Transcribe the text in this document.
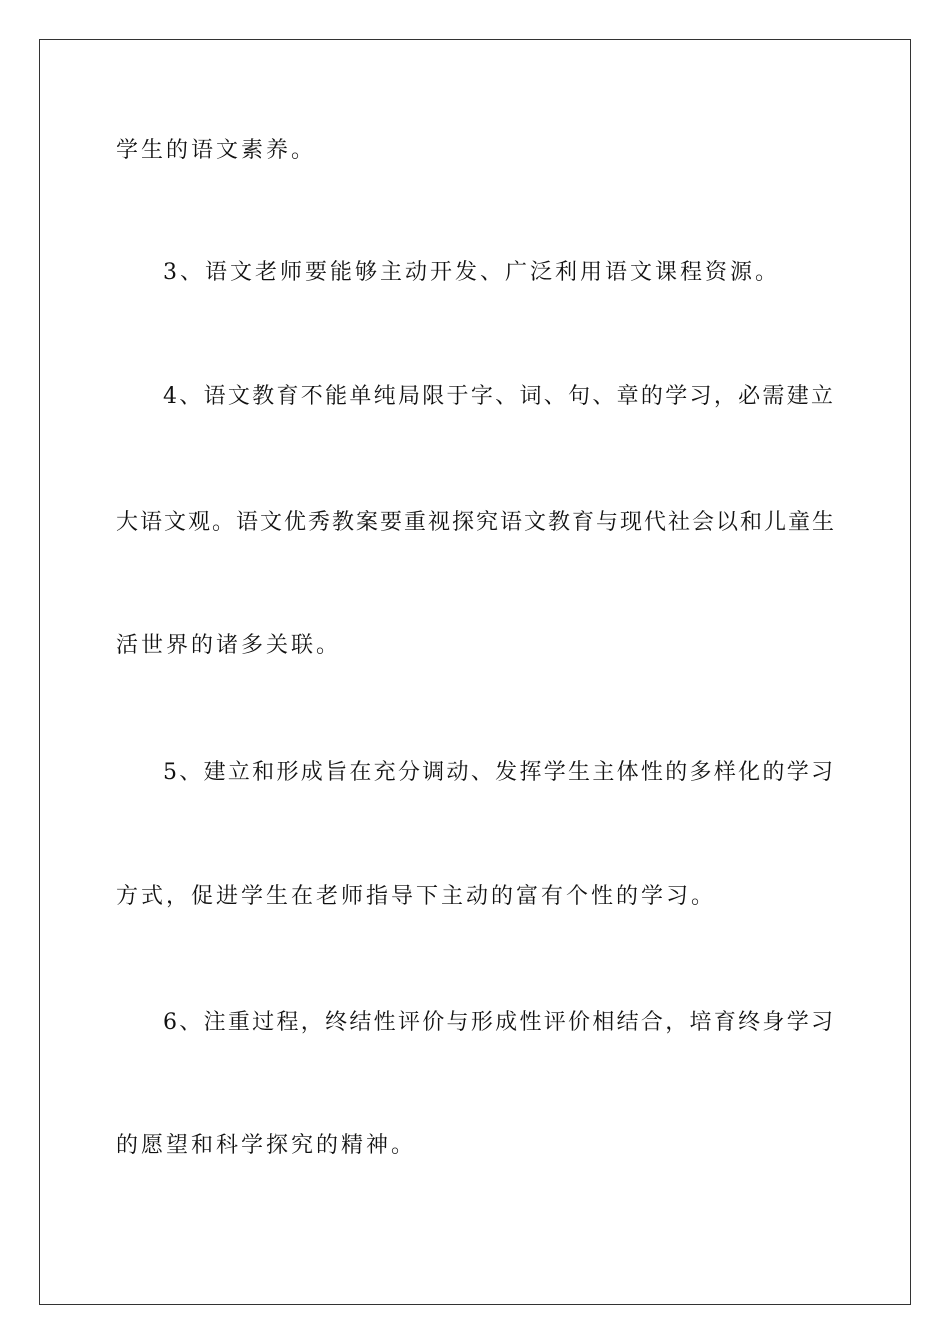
学生的语文素养。
3、语文老师要能够主动开发、广泛利用语文课程资源。
4、语文教育不能单纯局限于字、词、句、章的学习，必需建立
大语文观。语文优秀教案要重视探究语文教育与现代社会以和儿童生
活世界的诸多关联。
5、建立和形成旨在充分调动、发挥学生主体性的多样化的学习
方式，促进学生在老师指导下主动的富有个性的学习。
6、注重过程，终结性评价与形成性评价相结合，培育终身学习
的愿望和科学探究的精神。
